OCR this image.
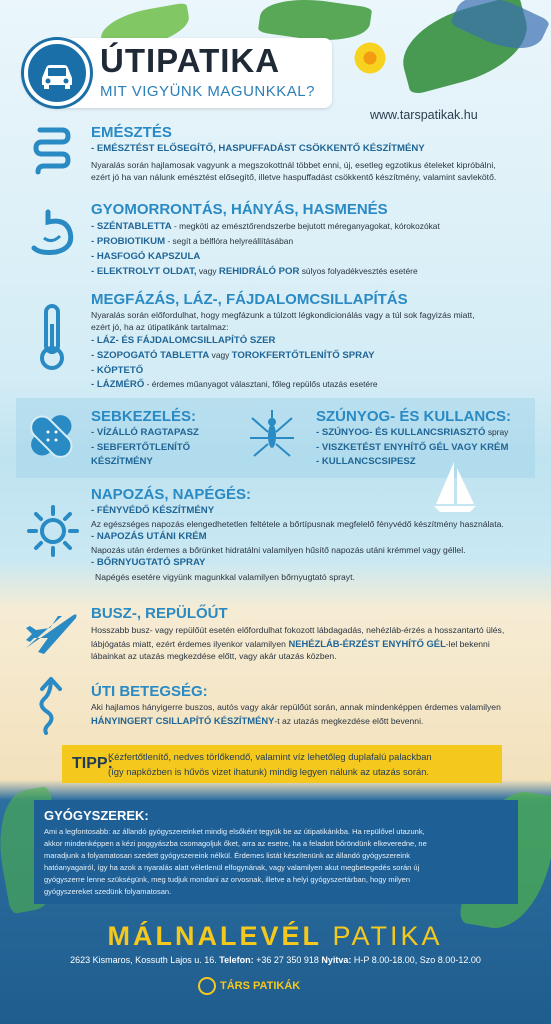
ÚTIPATIKA
MIT VIGYÜNK MAGUNKKAL?
www.tarspatikak.hu
EMÉSZTÉS
- EMÉSZTÉST ELŐSEGÍTŐ, HASPUFFADÁST CSÖKKENTŐ KÉSZÍTMÉNY
Nyaralás során hajlamosak vagyunk a megszokottnál többet enni, új, esetleg egzotikus ételeket kipróbálni,
ezért jó ha van nálunk emésztést elősegítő, illetve haspuffadást csökkentő készítmény, valamint savlekötő.
GYOMORRONTÁS, HÁNYÁS, HASMENÉS
- SZÉNTABLETTA - megköti az emésztőrendszerbe bejutott méreganyagokat, kórokozókat
- PROBIOTIKUM - segít a bélflóra helyreállításában
- HASFOGÓ KAPSZULA
- ELEKTROLYT OLDAT, vagy REHIDRÁLÓ POR súlyos folyadékvesztés esetére
MEGFÁZÁS, LÁZ-, FÁJDALOMCSILLAPÍTÁS
Nyaralás során előfordulhat, hogy megfázunk a túlzott légkondicionálás vagy a túl sok fagyizás miatt,
ezért jó, ha az útipatikánk tartalmaz:
- LÁZ- ÉS FÁJDALOMCSILLAPÍTÓ SZER
- SZOPOGATÓ TABLETTA vagy TOROKFERTŐTLENÍTŐ SPRAY
- KÖPTETŐ
- LÁZMÉRŐ - érdemes műanyagot választani, főleg repülős utazás esetére
SEBKEZELÉS:
- VÍZÁLLÓ RAGTAPASZ
- SEBFERTŐTLENÍTŐ
KÉSZÍTMÉNY
SZÚNYOG- ÉS KULLANCS:
- SZÚNYOG- ÉS KULLANCSRIASZTÓ spray
- VISZKETÉST ENYHÍTŐ GÉL VAGY KRÉM
- KULLANCSCSIPESZ
NAPOZÁS, NAPÉGÉS:
- FÉNYVÉDŐ KÉSZÍTMÉNY
Az egészséges napozás elengedhetetlen feltétele a bőrtípusnak megfelelő fényvédő készítmény használata.
- NAPOZÁS UTÁNI KRÉM
Napozás után érdemes a bőrünket hidratálni valamilyen hűsítő napozás utáni krémmel vagy géllel.
- BŐRNYUGTATÓ SPRAY
Napégés esetére vigyünk magunkkal valamilyen bőrnyugtató sprayt.
BUSZ-, REPÜLŐÚT
Hosszabb busz- vagy repülőút esetén előfordulhat fokozott lábdagadás, nehézláb-érzés a hosszantartó ülés,
lábjógatás miatt, ezért érdemes ilyenkor valamilyen NEHÉZLÁB-ÉRZÉST ENYHÍTŐ GÉL-lel bekenni
lábainkat az utazás megkezdése előtt, vagy akár utazás közben.
ÚTI BETEGSÉG:
Aki hajlamos hányigerre buszos, autós vagy akár repülőút során, annak mindenképpen érdemes valamilyen
HÁNYINGERT CSILLAPÍTÓ KÉSZÍTMÉNY-t az utazás megkezdése előtt bevenni.
TIPP:
Kézfertőtlenítő, nedves törlőkendő, valamint víz lehetőleg duplafalú palackban
(így napközben is hűvös vizet ihatunk) mindig legyen nálunk az utazás során.
GYÓGYSZEREK:
Ami a legfontosabb: az állandó gyógyszereinket mindig elsőként tegyük be az útipatikánkba. Ha repülővel utazunk,
akkor mindenképpen a kézi poggyászba csomagoljuk őket, arra az esetre, ha a feladott bőröndünk elkeveredne, ne
maradjunk a folyamatosan szedett gyógyszereink nélkül. Érdemes listát készítenünk az állandó gyógyszereink
hatóanyagairól, így ha azok a nyaralás alatt véletlenül elfogynának, vagy valamilyen akut megbetegedés során új
gyógyszerre lenne szükségünk, meg tudjuk mondani az orvosnak, illetve a helyi gyógyszertárban, hogy milyen
gyógyszereket szedünk folyamatosan.
MÁLNALEVÉL PATIKA
2623 Kismaros, Kossuth Lajos u. 16. Telefon: +36 27 350 918 Nyitva: H-P 8.00-18.00, Szo 8.00-12.00
TÁRS PATIKÁK
